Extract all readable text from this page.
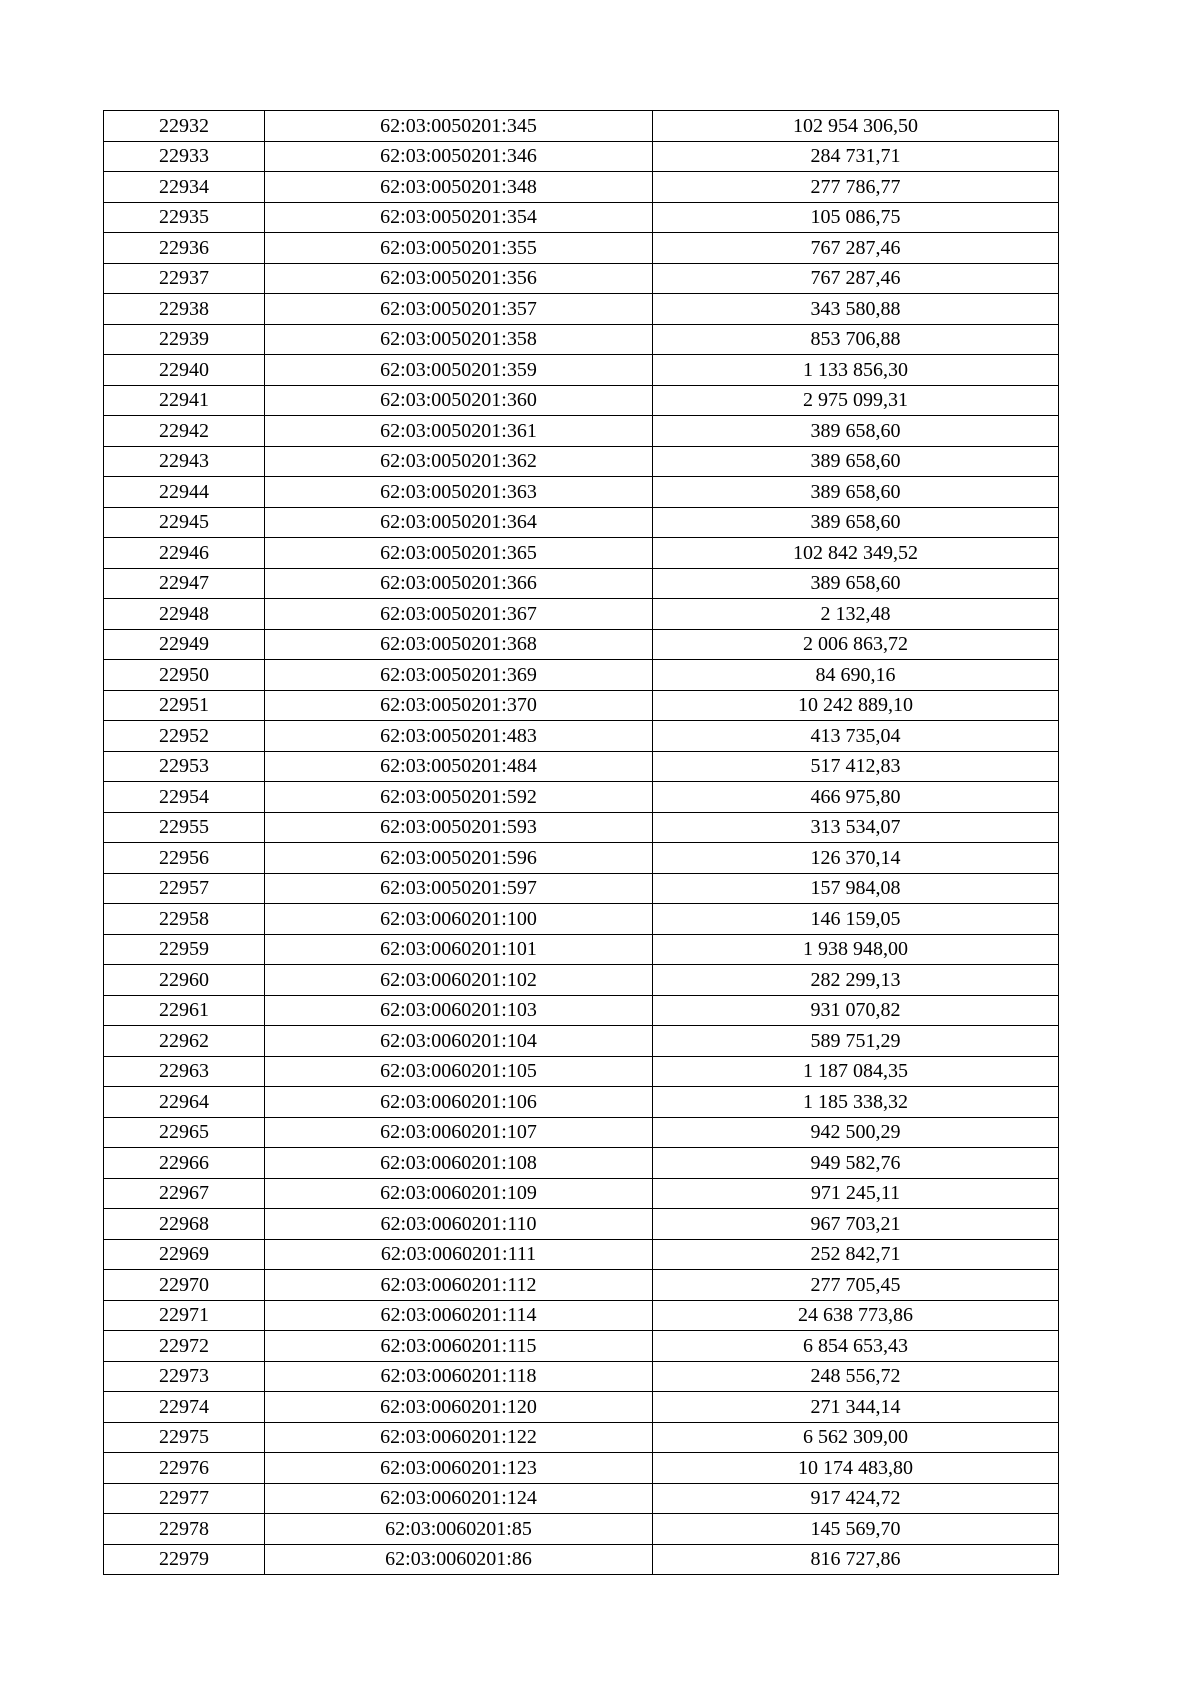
22932	62:03:0050201:345	102 954 306,50
22933	62:03:0050201:346	284 731,71
22934	62:03:0050201:348	277 786,77
22935	62:03:0050201:354	105 086,75
22936	62:03:0050201:355	767 287,46
22937	62:03:0050201:356	767 287,46
22938	62:03:0050201:357	343 580,88
22939	62:03:0050201:358	853 706,88
22940	62:03:0050201:359	1 133 856,30
22941	62:03:0050201:360	2 975 099,31
22942	62:03:0050201:361	389 658,60
22943	62:03:0050201:362	389 658,60
22944	62:03:0050201:363	389 658,60
22945	62:03:0050201:364	389 658,60
22946	62:03:0050201:365	102 842 349,52
22947	62:03:0050201:366	389 658,60
22948	62:03:0050201:367	2 132,48
22949	62:03:0050201:368	2 006 863,72
22950	62:03:0050201:369	84 690,16
22951	62:03:0050201:370	10 242 889,10
22952	62:03:0050201:483	413 735,04
22953	62:03:0050201:484	517 412,83
22954	62:03:0050201:592	466 975,80
22955	62:03:0050201:593	313 534,07
22956	62:03:0050201:596	126 370,14
22957	62:03:0050201:597	157 984,08
22958	62:03:0060201:100	146 159,05
22959	62:03:0060201:101	1 938 948,00
22960	62:03:0060201:102	282 299,13
22961	62:03:0060201:103	931 070,82
22962	62:03:0060201:104	589 751,29
22963	62:03:0060201:105	1 187 084,35
22964	62:03:0060201:106	1 185 338,32
22965	62:03:0060201:107	942 500,29
22966	62:03:0060201:108	949 582,76
22967	62:03:0060201:109	971 245,11
22968	62:03:0060201:110	967 703,21
22969	62:03:0060201:111	252 842,71
22970	62:03:0060201:112	277 705,45
22971	62:03:0060201:114	24 638 773,86
22972	62:03:0060201:115	6 854 653,43
22973	62:03:0060201:118	248 556,72
22974	62:03:0060201:120	271 344,14
22975	62:03:0060201:122	6 562 309,00
22976	62:03:0060201:123	10 174 483,80
22977	62:03:0060201:124	917 424,72
22978	62:03:0060201:85	145 569,70
22979	62:03:0060201:86	816 727,86
